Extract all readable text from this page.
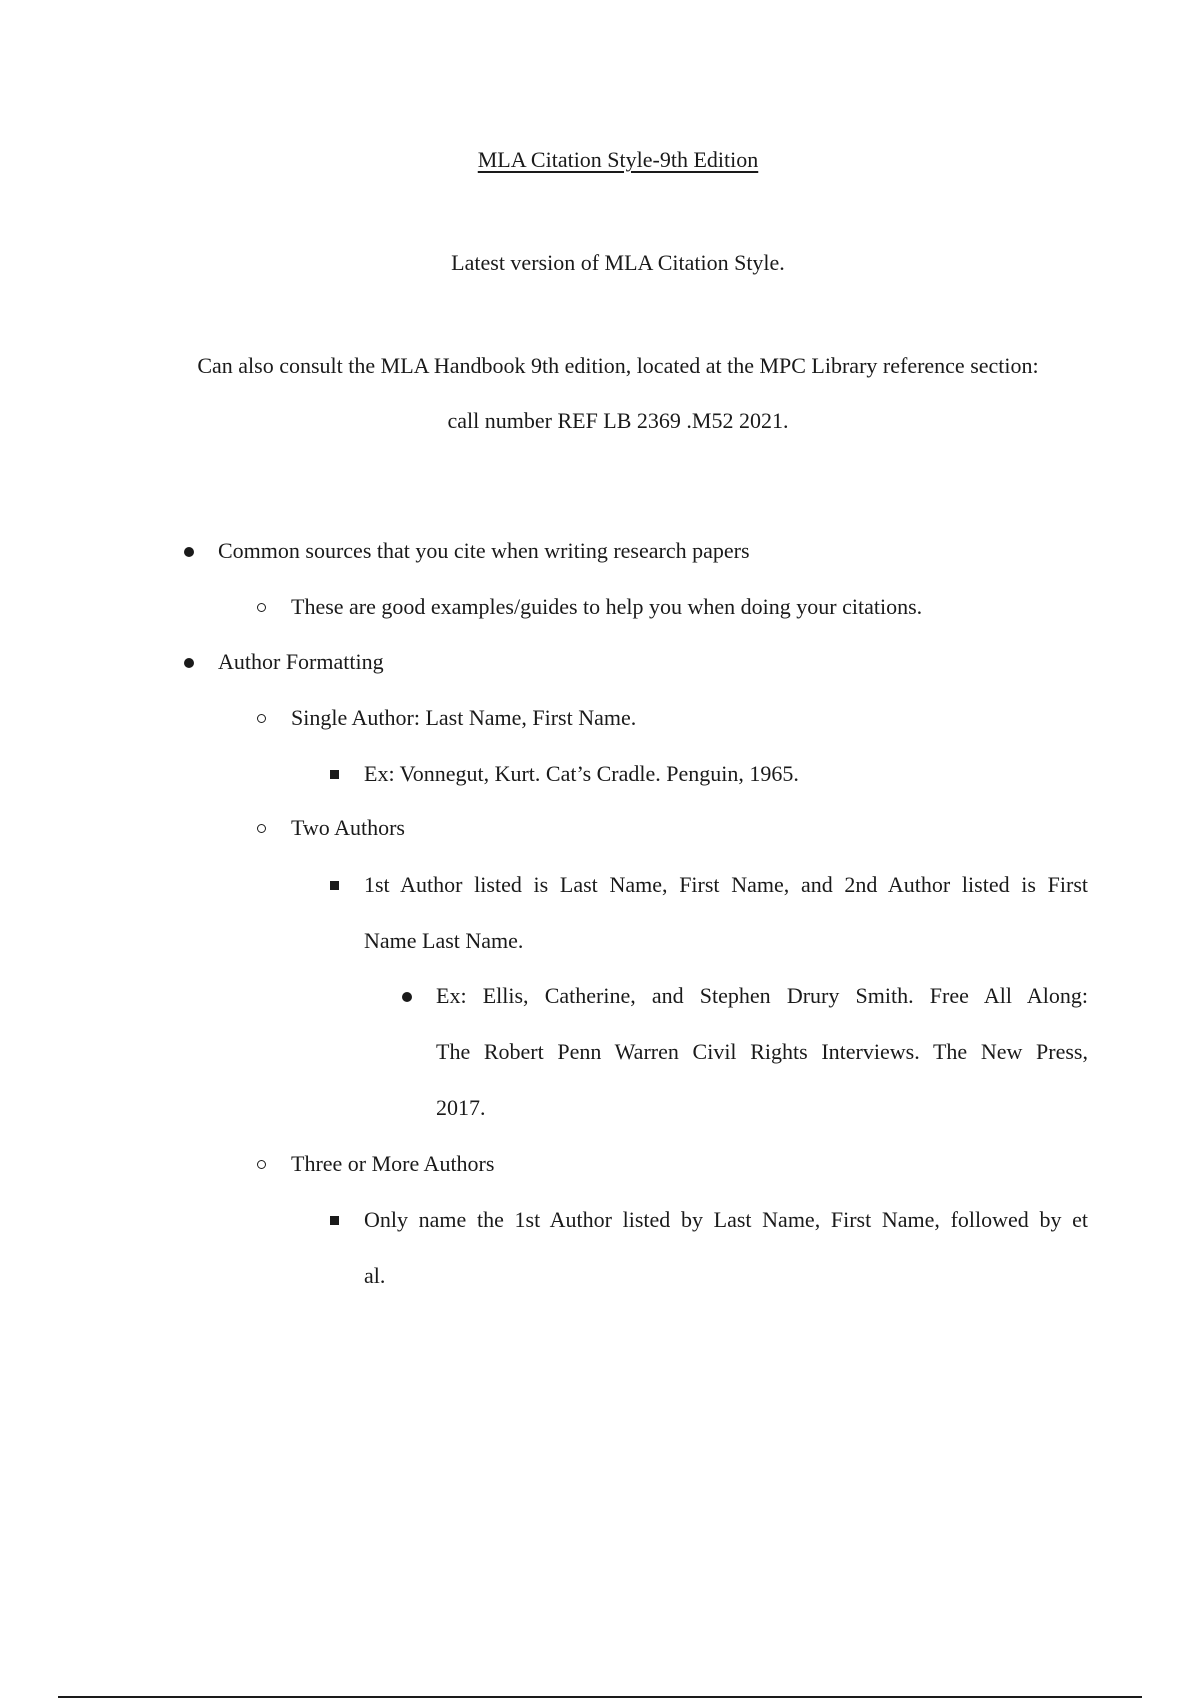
MLA Citation Style-9th Edition
Latest version of MLA Citation Style.
Can also consult the MLA Handbook 9th edition, located at the MPC Library reference section:
call number REF LB 2369 .M52 2021.
Common sources that you cite when writing research papers
These are good examples/guides to help you when doing your citations.
Author Formatting
Single Author: Last Name, First Name.
Ex: Vonnegut, Kurt. Cat’s Cradle. Penguin, 1965.
Two Authors
1st Author listed is Last Name, First Name, and 2nd Author listed is First
Name Last Name.
Ex: Ellis, Catherine, and Stephen Drury Smith. Free All Along:
The Robert Penn Warren Civil Rights Interviews. The New Press,
2017.
Three or More Authors
Only name the 1st Author listed by Last Name, First Name, followed by et
al.
